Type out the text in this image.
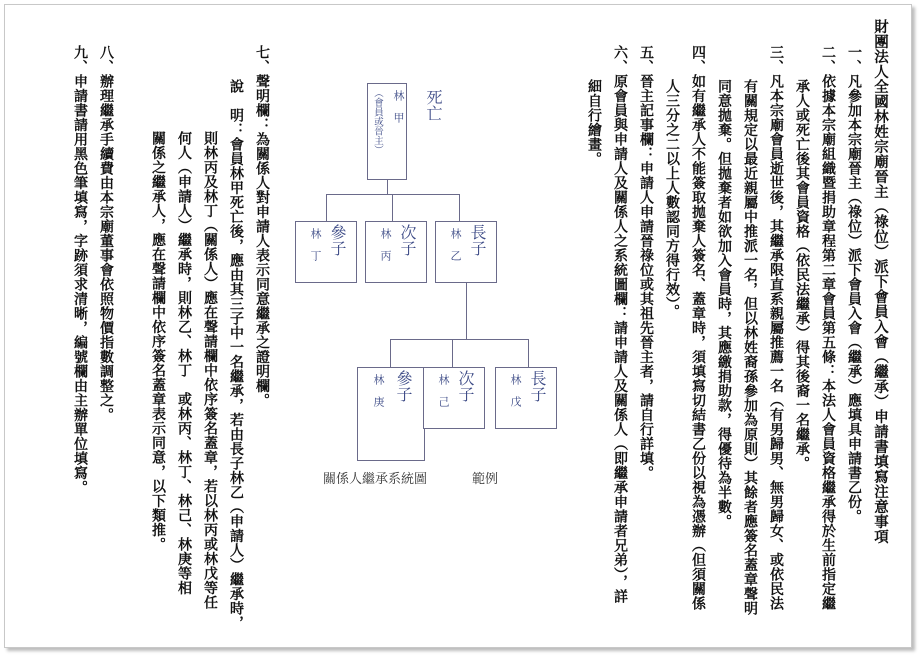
財團法人全國林姓宗廟晉主（祿位）派下會員入會（繼承）申請書填寫注意事項
一、凡參加本宗廟晉主（祿位）派下會員入會（繼承）應填具申請書乙份。
二、依據本宗廟組織暨捐助章程第二章會員第五條：本法人會員資格繼承得於生前指定繼
承人或死亡後其會員資格（依民法繼承）得其後裔一名繼承。
三、凡本宗廟會員逝世後，其繼承限直系親屬推薦一名（有男歸男、無男歸女、或依民法
有關規定以最近親屬中推派一名，但以林姓裔孫參加為原則）其餘者應簽名蓋章聲明
同意拋棄。但拋棄者如欲加入會員時，其應繳捐助款，得優待為半數。
四、如有繼承人不能簽取拋棄人簽名、蓋章時，須填寫切結書乙份以視為憑辦（但須關係
人三分之二以上人數認同方得行效）。
五、晉主記事欄：申請人申請晉祿位或其祖先晉主者，請自行詳填。
六、原會員與申請人及關係人之系統圖欄：請申請人及關係人（即繼承申請者兄弟），詳
細自行繪畫。
七、聲明欄：為關係人對申請人表示同意繼承之證明欄。
說　明：會員林甲死亡後，應由其三子中一名繼承，若由長子林乙（申請人）繼承時，
則林丙及林丁（關係人）應在聲請欄中依序簽名蓋章，若以林丙或林戊等任
何人（申請人）繼承時，則林乙、林丁　或林丙、林丁、林己、林庚等相
關係之繼承人，應在聲請欄中依序簽名蓋章表示同意，以下類推。
八、辦理繼承手續費由本宗廟董事會依照物價指數調整之。
九、申請書請用黑色筆填寫，字跡須求清晰，編號欄由主辦單位填寫。	林　甲
（會員或晉主）	死亡
參子
林　丁	次子
林　丙	長子
林　乙
參子
林　庚	次子
林　己	長子
林　戊
關係人繼承系統圖	範例
